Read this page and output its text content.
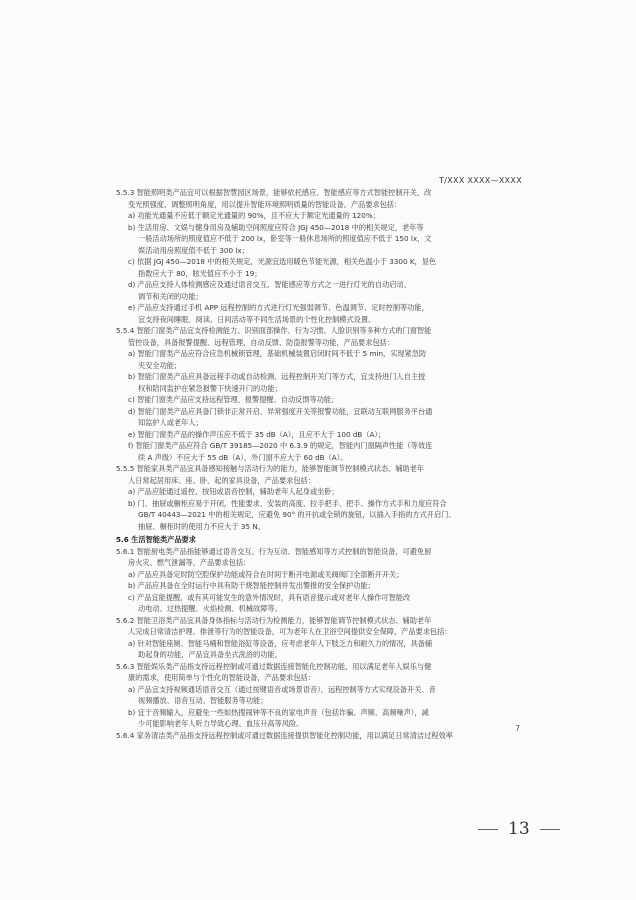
T/XXX XXXX—XXXX
5.5.3 智能照明类产品宜可以根据智慧园区场景，能够依托感应、智能感应等方式智能控制开关、改
变光照强度、调整照明角度，用以提升智能环境照明质量的智能设备。产品要求包括：
a) 功能光通量不应低于额定光通量的 90%，且不应大于额定光通量的 120%；
b) 生活用房、文娱与健身用房及辅助空间照度应符合 JGJ 450—2018 中的相关规定，老年等
一般活动场所的照度值应不低于 200 lx，卧室等一般休息场所的照度值应不低于 150 lx，文
娱活动用房照度值不低于 300 lx；
c) 依据 JGJ 450—2018 中的相关规定，光源宜选用暖色节能光源，相关色温小于 3300 K，显色
指数应大于 80，眩光值应不小于 19；
d) 产品应支持人体检测感应及通过语音交互、智能感应等方式之一进行灯光的自动启动、
调节和关闭的功能；
e) 产品应支持通过手机 APP 远程控制的方式进行灯光强弱调节、色温调节、定时控制等功能，
宜支持夜间睡眠、阅读、日间活动等不同生活场景的个性化控制模式设置。
5.5.4 智能门窗类产品宜支持检测能力、识别面部操作、行为习惯、人脸识别等多种方式的门窗智能
管控设备，具备报警提醒、远程管理、自动反馈、防盗报警等功能，产品要求包括：
a) 智能门窗类产品应符合应急机械锁管理，基础机械装置启闭时间不低于 5 min，实现紧急防
夹安全功能；
b) 智能门窗类产品应具备远程手动或自动检测、远程控制开关门等方式，宜支持进门人自主授
权和陪同监护在紧急报警下快速开门的功能；
c) 智能门窗类产品应支持远程管理、报警提醒、自动反馈等功能；
d) 智能门窗类产品应具备门锁非正常开启、异常强度开关等报警功能，宜联动互联网服务平台通
知监护人或老年人；
e) 智能门窗类产品的操作声压应不低于 35 dB（A），且应不大于 100 dB（A）；
f) 智能门窗类产品应符合 GB/T 39185—2020 中 6.3.9 的规定，智能内门窗隔声性能（等效连
续 A 声级）不应大于 55 dB（A），外门窗不应大于 60 dB（A）。
5.5.5 智能家具类产品宜具备感知接触与活动行为的能力，能够智能调节控制模式状态、辅助老年
人日常起居用床、座、卧、起的家具设备，产品要求包括：
a) 产品应能通过遥控、按钮或语音控制，辅助老年人起身或坐卧；
b) 门、抽屉或橱柜应易于开闭，性能要求、安装的高度、拉手把手、把手、操作方式手和力度应符合
GB/T 40443—2021 中的相关规定，应避免 90° 的开抗或全锁的旋钮，以插入手指的方式开启门、
抽屉、橱柜时的使用力不应大于 35 N。
5.6 生活智能类产品要求
5.6.1 智能厨电类产品指能够通过语音交互、行为互动、智能感知等方式控制的智能设备，可避免厨
房火灾、燃气泄漏等，产品要求包括：
a) 产品应具备定时防空腔保护功能或符合在时间于断开电源或关阀阀门全部断开开关；
b) 产品应具备在全时运行中具有防干烧智能控制并发出警报的安全保护功能；
c) 产品宜能提醒，或有其可能发生的意外情况时，具有语音提示或对老年人操作可智能改
动电动、过热提醒、火焰检测、机械故障等。
5.6.2 智能卫浴类产品宜具备身体指标与活动行为检测能力，能够智能调节控制模式状态、辅助老年
人完成日常清洁护理、排泄等行为的智能设备，可为老年人在卫浴空间提供安全保障，产品要求包括：
a) 针对智能座厕、智能马桶和智能浴缸等设备，应考虑老年人下肢乏力和耐久力的情况，具备辅
助起身的功能，产品宜具备坐式洗浴的功能。
5.6.3 智能娱乐类产品指支持远程控制或可通过数据连接智能化控制功能，用以满足老年人娱乐与健
康的需求，使用简单与个性化的智能设备，产品要求包括：
a) 产品宜支持视频通话语音交互（通过按键语音或场景语音），远程控制等方式实现设备开关、音
视频播放、语音互动、智能服务等功能；
b) 宜于音频输入，应避免一些如热搜闹钟等不良的家电声音（包括诈骗、声频、高频噪声），减
少可能影响老年人听力导致心理、血压升高等风险。
5.6.4 家务清洁类产品指支持远程控制或可通过数据连接提供智能化控制功能，用以满足日常清洁过程效率
7
13
